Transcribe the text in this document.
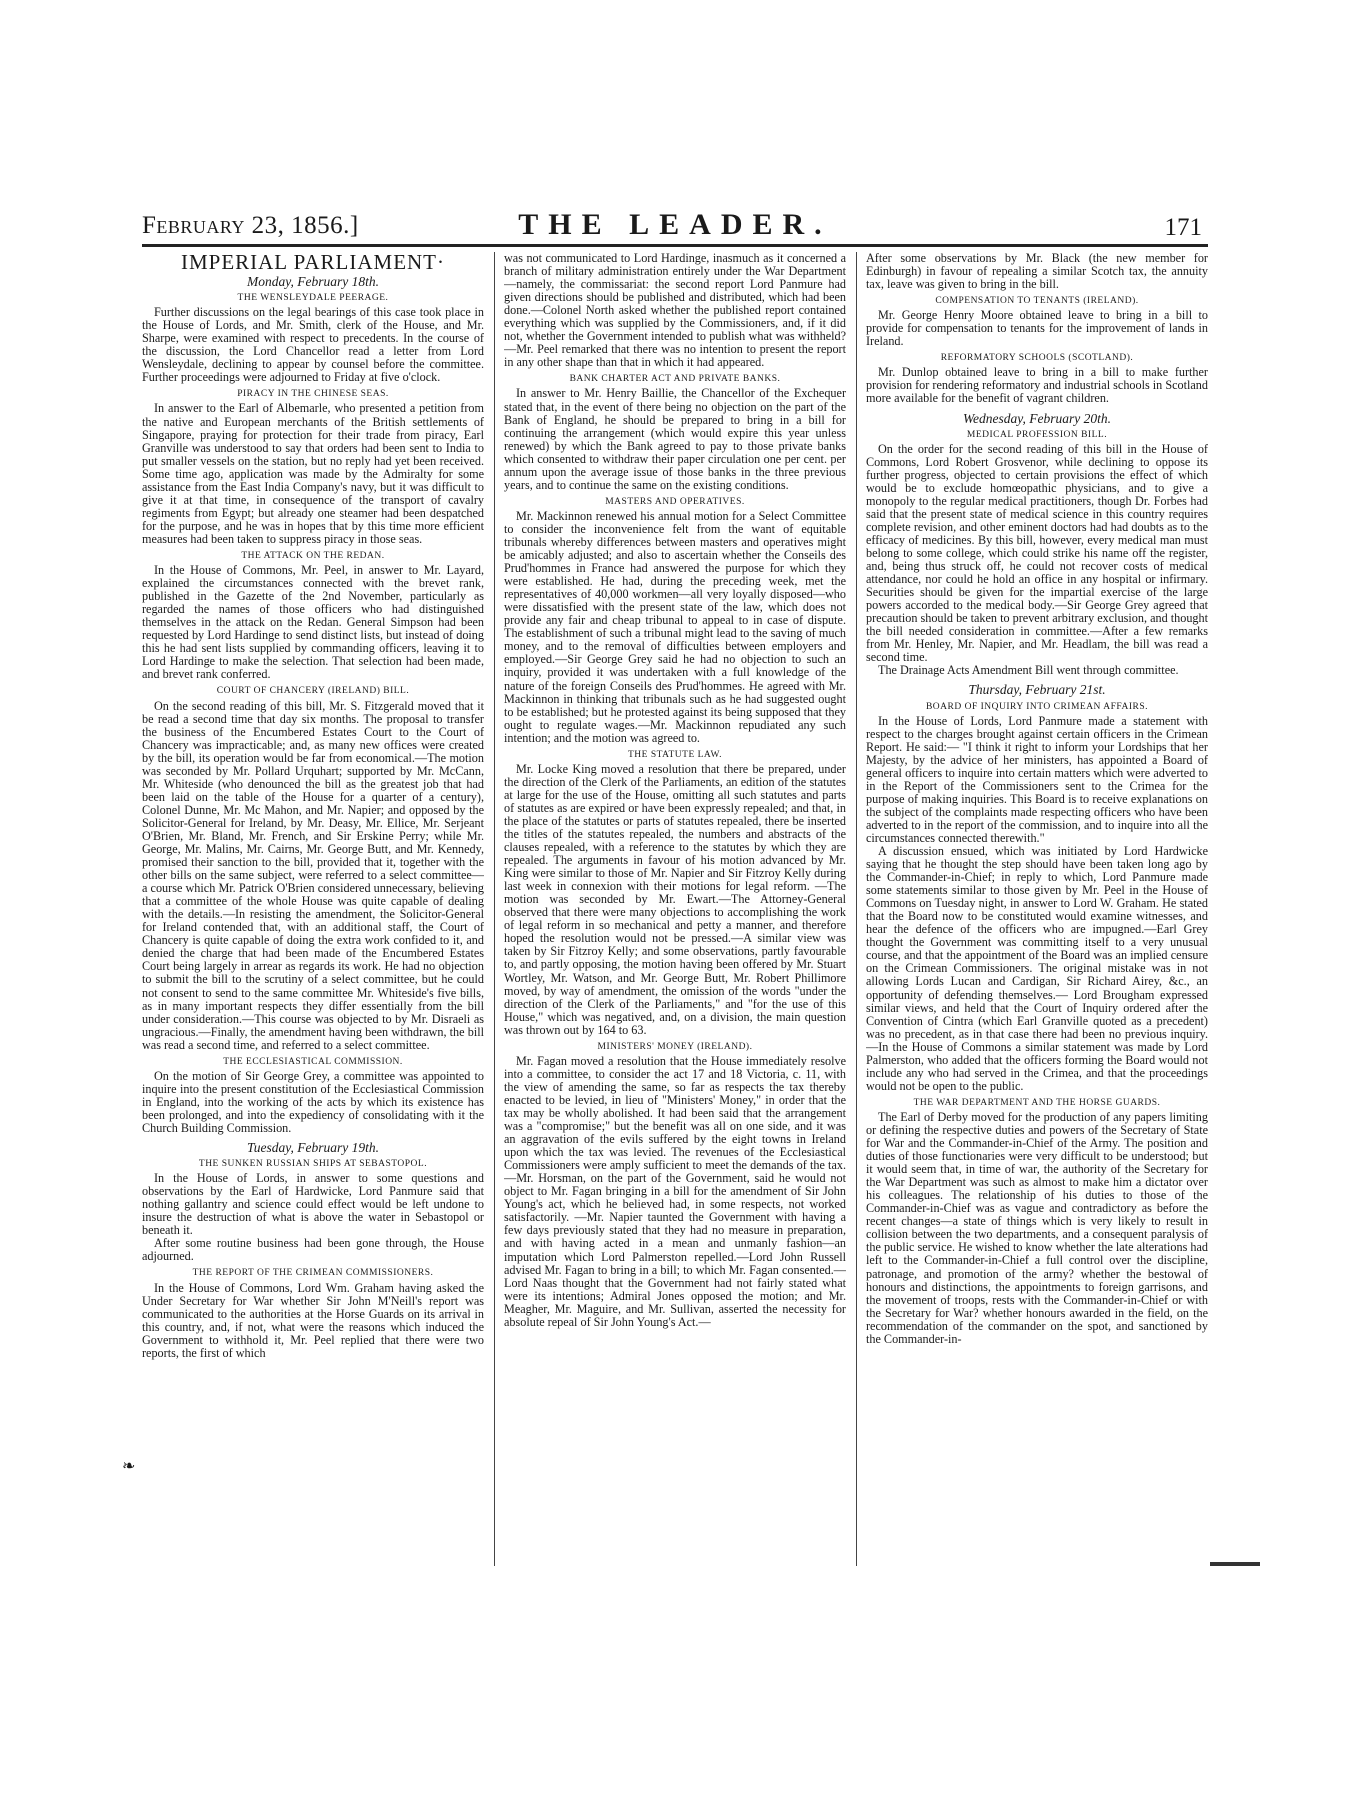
February 23, 1856.]	THE LEADER.	171
IMPERIAL PARLIAMENT·
Monday, February 18th.
THE WENSLEYDALE PEERAGE.

Further discussions on the legal bearings of this case took place in the House of Lords, and Mr. Smith, clerk of the House, and Mr. Sharpe, were examined with respect to precedents. In the course of the discussion, the Lord Chancellor read a letter from Lord Wensleydale, declining to appear by counsel before the committee. Further proceedings were adjourned to Friday at five o'clock.

PIRACY IN THE CHINESE SEAS.

In answer to the Earl of Albemarle, who presented a petition from the native and European merchants of the British settlements of Singapore, praying for protection for their trade from piracy, Earl Granville was understood to say that orders had been sent to India to put smaller vessels on the station, but no reply had yet been received. Some time ago, application was made by the Admiralty for some assistance from the East India Company's navy, but it was difficult to give it at that time, in consequence of the transport of cavalry regiments from Egypt; but already one steamer had been despatched for the purpose, and he was in hopes that by this time more efficient measures had been taken to suppress piracy in those seas.

THE ATTACK ON THE REDAN.

In the House of Commons, Mr. Peel, in answer to Mr. Layard, explained the circumstances connected with the brevet rank, published in the Gazette of the 2nd November, particularly as regarded the names of those officers who had distinguished themselves in the attack on the Redan. General Simpson had been requested by Lord Hardinge to send distinct lists, but instead of doing this he had sent lists supplied by commanding officers, leaving it to Lord Hardinge to make the selection. That selection had been made, and brevet rank conferred.

COURT OF CHANCERY (IRELAND) BILL.

On the second reading of this bill, Mr. S. Fitzgerald moved that it be read a second time that day six months. The proposal to transfer the business of the Encumbered Estates Court to the Court of Chancery was impracticable; and, as many new offices were created by the bill, its operation would be far from economical.—The motion was seconded by Mr. Pollard Urquhart; supported by Mr. McCann, Mr. Whiteside (who denounced the bill as the greatest job that had been laid on the table of the House for a quarter of a century), Colonel Dunne, Mr. Mc Mahon, and Mr. Napier; and opposed by the Solicitor-General for Ireland, by Mr. Deasy, Mr. Ellice, Mr. Serjeant O'Brien, Mr. Bland, Mr. French, and Sir Erskine Perry; while Mr. George, Mr. Malins, Mr. Cairns, Mr. George Butt, and Mr. Kennedy, promised their sanction to the bill, provided that it, together with the other bills on the same subject, were referred to a select committee—a course which Mr. Patrick O'Brien considered unnecessary, believing that a committee of the whole House was quite capable of dealing with the details.—In resisting the amendment, the Solicitor-General for Ireland contended that, with an additional staff, the Court of Chancery is quite capable of doing the extra work confided to it, and denied the charge that had been made of the Encumbered Estates Court being largely in arrear as regards its work. He had no objection to submit the bill to the scrutiny of a select committee, but he could not consent to send to the same committee Mr. Whiteside's five bills, as in many important respects they differ essentially from the bill under consideration.—This course was objected to by Mr. Disraeli as ungracious.—Finally, the amendment having been withdrawn, the bill was read a second time, and referred to a select committee.

THE ECCLESIASTICAL COMMISSION.

On the motion of Sir George Grey, a committee was appointed to inquire into the present constitution of the Ecclesiastical Commission in England, into the working of the acts by which its existence has been prolonged, and into the expediency of consolidating with it the Church Building Commission.

Tuesday, February 19th.
THE SUNKEN RUSSIAN SHIPS AT SEBASTOPOL.

In the House of Lords, in answer to some questions and observations by the Earl of Hardwicke, Lord Panmure said that nothing gallantry and science could effect would be left undone to insure the destruction of what is above the water in Sebastopol or beneath it.

After some routine business had been gone through, the House adjourned.

THE REPORT OF THE CRIMEAN COMMISSIONERS.

In the House of Commons, Lord Wm. Graham having asked the Under Secretary for War whether Sir John M'Neill's report was communicated to the authorities at the Horse Guards on its arrival in this country, and, if not, what were the reasons which induced the Government to withhold it, Mr. Peel replied that there were two reports, the first of which

was not communicated to Lord Hardinge, inasmuch as it concerned a branch of military administration entirely under the War Department—namely, the commissariat: the second report Lord Panmure had given directions should be published and distributed, which had been done.—Colonel North asked whether the published report contained everything which was supplied by the Commissioners, and, if it did not, whether the Government intended to publish what was withheld?—Mr. Peel remarked that there was no intention to present the report in any other shape than that in which it had appeared.

BANK CHARTER ACT AND PRIVATE BANKS.

In answer to Mr. Henry Baillie, the Chancellor of the Exchequer stated that, in the event of there being no objection on the part of the Bank of England, he should be prepared to bring in a bill for continuing the arrangement (which would expire this year unless renewed) by which the Bank agreed to pay to those private banks which consented to withdraw their paper circulation one per cent. per annum upon the average issue of those banks in the three previous years, and to continue the same on the existing conditions.

MASTERS AND OPERATIVES.

Mr. Mackinnon renewed his annual motion for a Select Committee to consider the inconvenience felt from the want of equitable tribunals whereby differences between masters and operatives might be amicably adjusted; and also to ascertain whether the Conseils des Prud'hommes in France had answered the purpose for which they were established. He had, during the preceding week, met the representatives of 40,000 workmen—all very loyally disposed—who were dissatisfied with the present state of the law, which does not provide any fair and cheap tribunal to appeal to in case of dispute. The establishment of such a tribunal might lead to the saving of much money, and to the removal of difficulties between employers and employed.—Sir George Grey said he had no objection to such an inquiry, provided it was undertaken with a full knowledge of the nature of the foreign Conseils des Prud'hommes. He agreed with Mr. Mackinnon in thinking that tribunals such as he had suggested ought to be established; but he protested against its being supposed that they ought to regulate wages.—Mr. Mackinnon repudiated any such intention; and the motion was agreed to.

THE STATUTE LAW.

Mr. Locke King moved a resolution that there be prepared, under the direction of the Clerk of the Parliaments, an edition of the statutes at large for the use of the House, omitting all such statutes and parts of statutes as are expired or have been expressly repealed; and that, in the place of the statutes or parts of statutes repealed, there be inserted the titles of the statutes repealed, the numbers and abstracts of the clauses repealed, with a reference to the statutes by which they are repealed. The arguments in favour of his motion advanced by Mr. King were similar to those of Mr. Napier and Sir Fitzroy Kelly during last week in connexion with their motions for legal reform. —The motion was seconded by Mr. Ewart.—The Attorney-General observed that there were many objections to accomplishing the work of legal reform in so mechanical and petty a manner, and therefore hoped the resolution would not be pressed.—A similar view was taken by Sir Fitzroy Kelly; and some observations, partly favourable to, and partly opposing, the motion having been offered by Mr. Stuart Wortley, Mr. Watson, and Mr. George Butt, Mr. Robert Phillimore moved, by way of amendment, the omission of the words "under the direction of the Clerk of the Parliaments," and "for the use of this House," which was negatived, and, on a division, the main question was thrown out by 164 to 63.

MINISTERS' MONEY (IRELAND).

Mr. Fagan moved a resolution that the House immediately resolve into a committee, to consider the act 17 and 18 Victoria, c. 11, with the view of amending the same, so far as respects the tax thereby enacted to be levied, in lieu of "Ministers' Money," in order that the tax may be wholly abolished. It had been said that the arrangement was a "compromise;" but the benefit was all on one side, and it was an aggravation of the evils suffered by the eight towns in Ireland upon which the tax was levied. The revenues of the Ecclesiastical Commissioners were amply sufficient to meet the demands of the tax.—Mr. Horsman, on the part of the Government, said he would not object to Mr. Fagan bringing in a bill for the amendment of Sir John Young's act, which he believed had, in some respects, not worked satisfactorily. —Mr. Napier taunted the Government with having a few days previously stated that they had no measure in preparation, and with having acted in a mean and unmanly fashion—an imputation which Lord Palmerston repelled.—Lord John Russell advised Mr. Fagan to bring in a bill; to which Mr. Fagan consented.—Lord Naas thought that the Government had not fairly stated what were its intentions; Admiral Jones opposed the motion; and Mr. Meagher, Mr. Maguire, and Mr. Sullivan, asserted the necessity for absolute repeal of Sir John Young's Act.—

After some observations by Mr. Black (the new member for Edinburgh) in favour of repealing a similar Scotch tax, the annuity tax, leave was given to bring in the bill.

COMPENSATION TO TENANTS (IRELAND).

Mr. George Henry Moore obtained leave to bring in a bill to provide for compensation to tenants for the improvement of lands in Ireland.

REFORMATORY SCHOOLS (SCOTLAND).

Mr. Dunlop obtained leave to bring in a bill to make further provision for rendering reformatory and industrial schools in Scotland more available for the benefit of vagrant children.

Wednesday, February 20th.
MEDICAL PROFESSION BILL.

On the order for the second reading of this bill in the House of Commons, Lord Robert Grosvenor, while declining to oppose its further progress, objected to certain provisions the effect of which would be to exclude homœopathic physicians, and to give a monopoly to the regular medical practitioners, though Dr. Forbes had said that the present state of medical science in this country requires complete revision, and other eminent doctors had had doubts as to the efficacy of medicines. By this bill, however, every medical man must belong to some college, which could strike his name off the register, and, being thus struck off, he could not recover costs of medical attendance, nor could he hold an office in any hospital or infirmary. Securities should be given for the impartial exercise of the large powers accorded to the medical body.—Sir George Grey agreed that precaution should be taken to prevent arbitrary exclusion, and thought the bill needed consideration in committee.—After a few remarks from Mr. Henley, Mr. Napier, and Mr. Headlam, the bill was read a second time.

The Drainage Acts Amendment Bill went through committee.

Thursday, February 21st.
BOARD OF INQUIRY INTO CRIMEAN AFFAIRS.

In the House of Lords, Lord Panmure made a statement with respect to the charges brought against certain officers in the Crimean Report. He said:— "I think it right to inform your Lordships that her Majesty, by the advice of her ministers, has appointed a Board of general officers to inquire into certain matters which were adverted to in the Report of the Commissioners sent to the Crimea for the purpose of making inquiries. This Board is to receive explanations on the subject of the complaints made respecting officers who have been adverted to in the report of the commission, and to inquire into all the circumstances connected therewith."

A discussion ensued, which was initiated by Lord Hardwicke saying that he thought the step should have been taken long ago by the Commander-in-Chief; in reply to which, Lord Panmure made some statements similar to those given by Mr. Peel in the House of Commons on Tuesday night, in answer to Lord W. Graham. He stated that the Board now to be constituted would examine witnesses, and hear the defence of the officers who are impugned.—Earl Grey thought the Government was committing itself to a very unusual course, and that the appointment of the Board was an implied censure on the Crimean Commissioners. The original mistake was in not allowing Lords Lucan and Cardigan, Sir Richard Airey, &c., an opportunity of defending themselves.— Lord Brougham expressed similar views, and held that the Court of Inquiry ordered after the Convention of Cintra (which Earl Granville quoted as a precedent) was no precedent, as in that case there had been no previous inquiry.—In the House of Commons a similar statement was made by Lord Palmerston, who added that the officers forming the Board would not include any who had served in the Crimea, and that the proceedings would not be open to the public.

THE WAR DEPARTMENT AND THE HORSE GUARDS.

The Earl of Derby moved for the production of any papers limiting or defining the respective duties and powers of the Secretary of State for War and the Commander-in-Chief of the Army. The position and duties of those functionaries were very difficult to be understood; but it would seem that, in time of war, the authority of the Secretary for the War Department was such as almost to make him a dictator over his colleagues. The relationship of his duties to those of the Commander-in-Chief was as vague and contradictory as before the recent changes—a state of things which is very likely to result in collision between the two departments, and a consequent paralysis of the public service. He wished to know whether the late alterations had left to the Commander-in-Chief a full control over the discipline, patronage, and promotion of the army? whether the bestowal of honours and distinctions, the appointments to foreign garrisons, and the movement of troops, rests with the Commander-in-Chief or with the Secretary for War? whether honours awarded in the field, on the recommendation of the commander on the spot, and sanctioned by the Commander-in-

❧
